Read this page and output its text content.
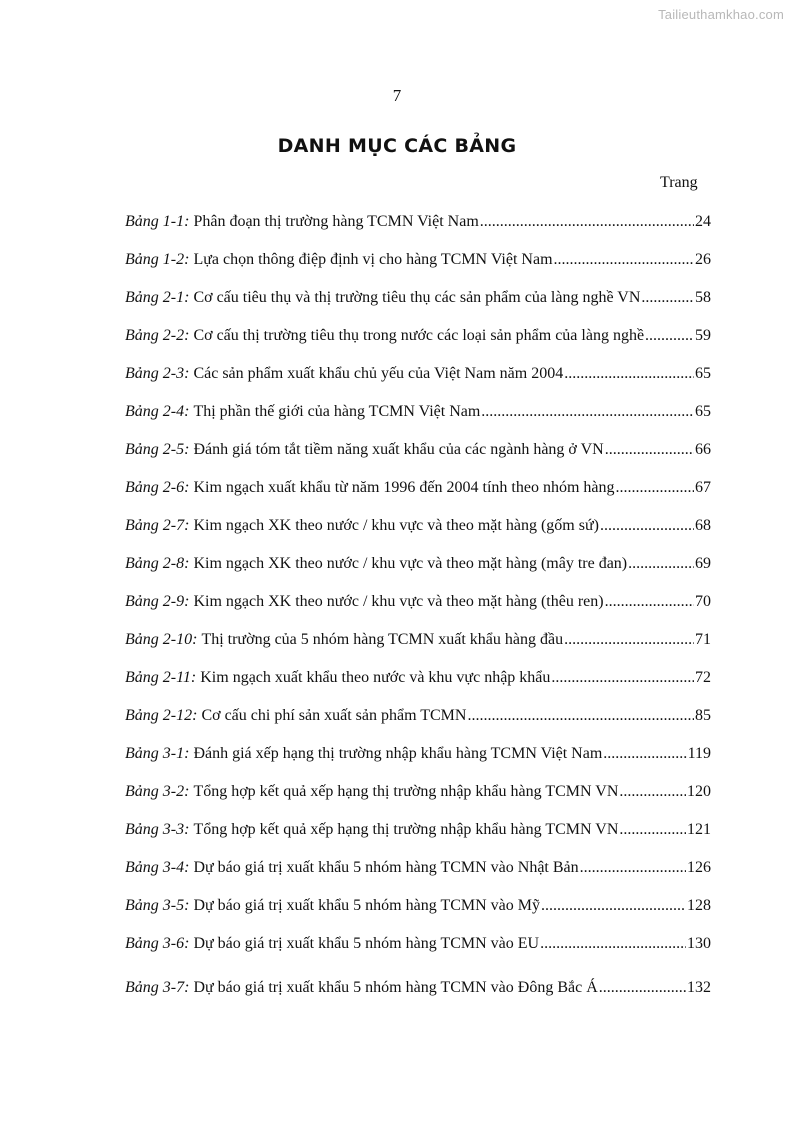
Tailieuthamkhao.com
7
DANH MỤC CÁC BẢNG
Trang
Bảng 1-1:
Phân đoạn thị trường hàng TCMN Việt Nam .....	24
Bảng 1-2:
Lựa chọn thông điệp định vị cho hàng TCMN Việt Nam .....	26
Bảng 2-1:
Cơ cấu tiêu thụ và thị trường tiêu thụ các sản phẩm của làng nghề VN .....	58
Bảng 2-2:
Cơ cấu thị trường tiêu thụ trong nước các loại sản phẩm của làng nghề .....	59
Bảng 2-3:
Các sản phẩm xuất khẩu chủ yếu của Việt Nam năm 2004 .....	65
Bảng 2-4:
Thị phần thế giới của hàng TCMN Việt Nam .....	65
Bảng 2-5:
Đánh giá tóm tắt tiềm năng xuất khẩu của các ngành hàng ở VN .....	66
Bảng 2-6:
Kim ngạch xuất khẩu từ năm 1996 đến 2004 tính theo nhóm hàng .....	67
Bảng 2-7:
Kim ngạch XK theo nước / khu vực và theo mặt hàng (gốm sứ) .....	68
Bảng 2-8:
Kim ngạch XK theo nước / khu vực và theo mặt hàng (mây tre đan) .....	69
Bảng 2-9:
Kim ngạch XK theo nước / khu vực và theo mặt hàng (thêu ren) .....	70
Bảng 2-10:
Thị trường của 5 nhóm hàng TCMN xuất khẩu hàng đầu .....	71
Bảng 2-11:
Kim ngạch xuất khẩu theo nước và khu vực nhập khẩu .....	72
Bảng 2-12:
Cơ cấu chi phí sản xuất sản phẩm TCMN .....	85
Bảng 3-1:
Đánh giá xếp hạng thị trường nhập khẩu hàng TCMN Việt Nam .....	119
Bảng 3-2:
Tổng hợp kết quả xếp hạng thị trường nhập khẩu hàng TCMN VN .....	120
Bảng 3-3:
Tổng hợp kết quả xếp hạng thị trường nhập khẩu hàng TCMN VN .....	121
Bảng 3-4:
Dự báo giá trị xuất khẩu 5 nhóm hàng TCMN vào Nhật Bản .....	126
Bảng 3-5:
Dự báo giá trị xuất khẩu 5 nhóm hàng TCMN vào Mỹ .....	128
Bảng 3-6:
Dự báo giá trị xuất khẩu 5 nhóm hàng TCMN vào EU .....	130
Bảng 3-7:
Dự báo giá trị xuất khẩu 5 nhóm hàng TCMN vào Đông Bắc Á .....	132
